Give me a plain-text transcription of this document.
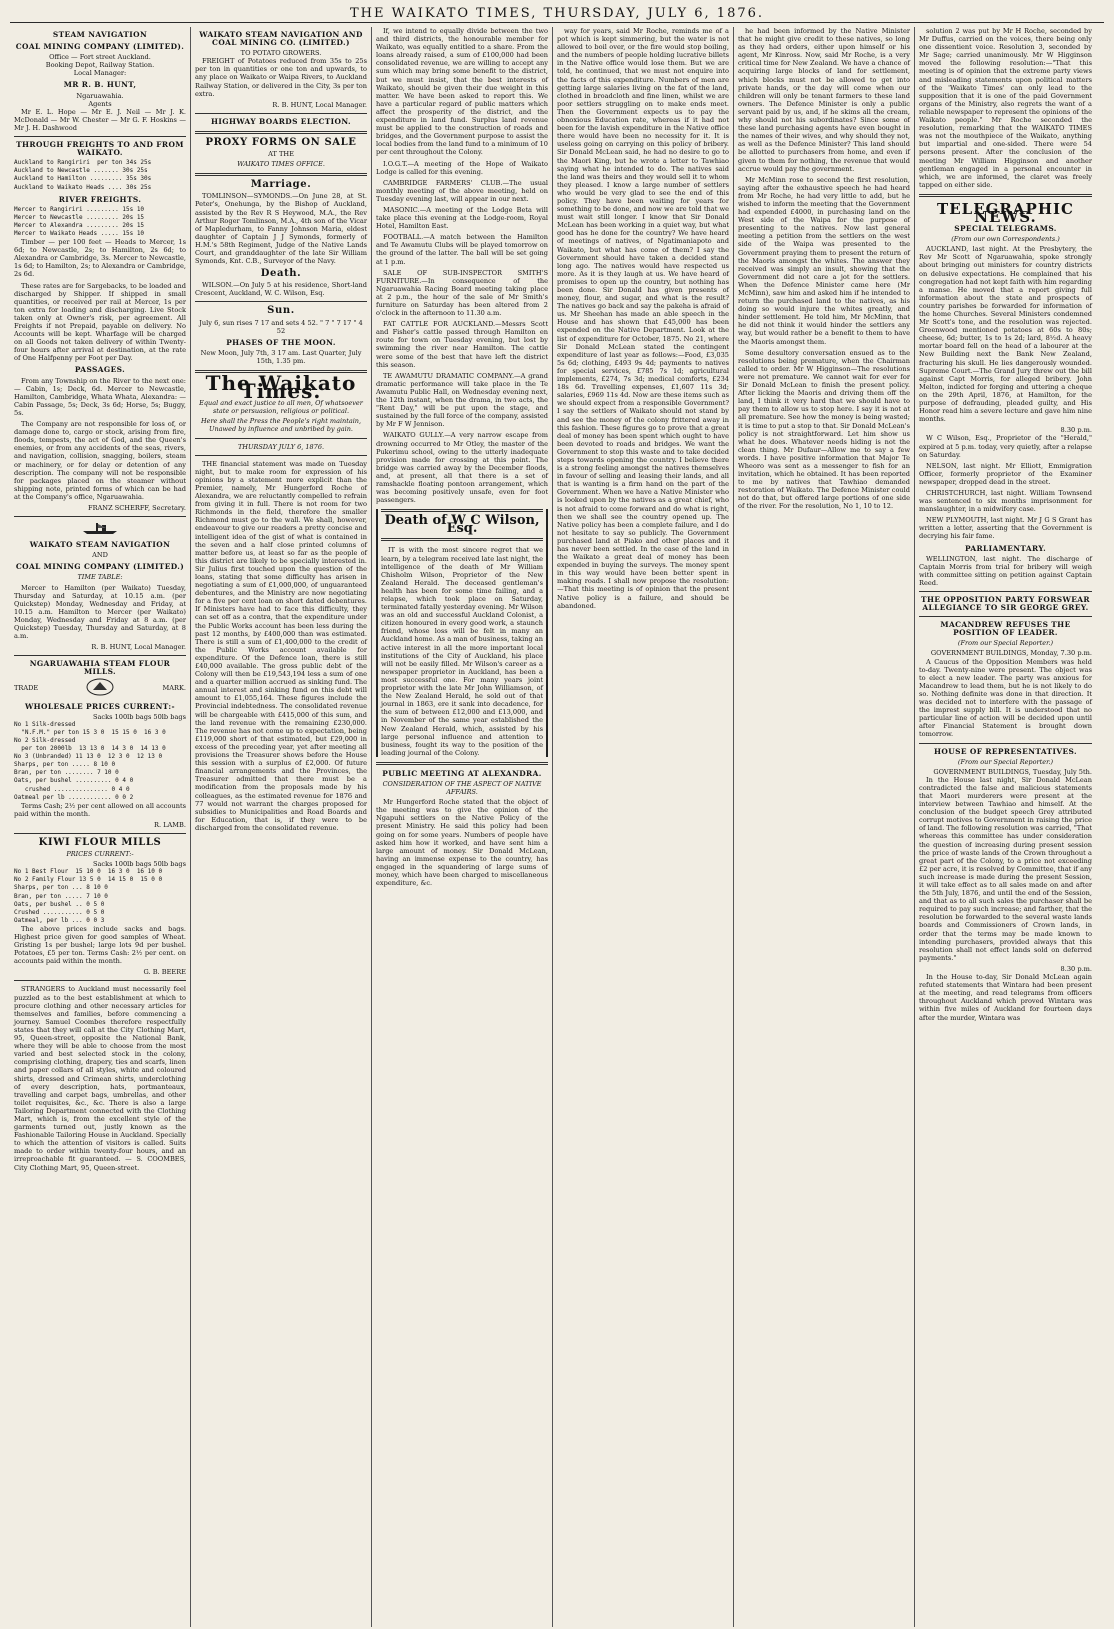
THE WAIKATO TIMES, THURSDAY, JULY 6, 1876.
STEAM NAVIGATION
COAL MINING COMPANY (LIMITED).
Office — Fort street Auckland.
Booking Depot, Railway Station.
Local Manager:
MR R. B. HUNT,
Ngaruawahia.
Agents
Mr E. L. Hope — Mr E. J. Neil — Mr J. K. McDonald — Mr W. Chester — Mr G. F. Hoskins — Mr J. H. Dashwood
THROUGH FREIGHTS TO AND FROM WAIKATO.
Auckland to Rangiriri  per ton 34s 25s
Auckland to Newcastle ....... 30s 25s
Auckland to Hamilton ......... 35s 30s
Auckland to Waikato Heads .... 30s 25s
RIVER FREIGHTS.
Mercer to Rangiriri ......... 15s 10
Mercer to Newcastle ......... 20s 15
Mercer to Alexandra ......... 20s 15
Mercer to Waikato Heads ..... 15s 10
Timber — per 100 feet — Heads to Mercer, 1s 6d; to Newcastle, 2s; to Hamilton, 2s 6d; to Alexandra or Cambridge, 3s. Mercer to Newcastle, 1s 6d; to Hamilton, 2s; to Alexandra or Cambridge, 2s 6d.
These rates are for Sargebacks, to be loaded and discharged by Shipper. If shipped in small quantities, or received per rail at Mercer, 1s per ton extra for loading and discharging. Live Stock taken only at Owner's risk, per agreement. All Freights if not Prepaid, payable on delivery. No Accounts will be kept. Wharfage will be charged on all Goods not taken delivery of within Twenty-four hours after arrival at destination, at the rate of One Halfpenny per Foot per Day.
PASSAGES.
From any Township on the River to the next one: — Cabin, 1s; Deck, 6d. Mercer to Newcastle, Hamilton, Cambridge, Whata Whata, Alexandra: — Cabin Passage, 5s; Deck, 3s 6d; Horse, 5s; Buggy, 5s.
The Company are not responsible for loss of, or damage done to, cargo or stock, arising from fire, floods, tempests, the act of God, and the Queen's enemies, or from any accidents of the seas, rivers, and navigation, collision, snagging, boilers, steam or machinery, or for delay or detention of any description. The company will not be responsible for packages placed on the steamer without shipping note, printed forms of which can be had at the Company's office, Ngaruawahia.
FRANZ SCHERFF, Secretary.
WAIKATO STEAM NAVIGATION
AND
COAL MINING COMPANY (LIMITED.)
TIME TABLE:
Mercer to Hamilton (per Waikato) Tuesday, Thursday and Saturday, at 10.15 a.m. (per Quickstep) Monday, Wednesday and Friday, at 10.15 a.m. Hamilton to Mercer (per Waikato) Monday, Wednesday and Friday at 8 a.m. (per Quickstep) Tuesday, Thursday and Saturday, at 8 a.m.
R. B. HUNT, Local Manager.
NGARUAWAHIA STEAM FLOUR MILLS.
TRADE	MARK.
WHOLESALE PRICES CURRENT:-
Sacks 100lb bags 50lb bags
No 1 Silk-dressed
"N.F.M." per ton 15 3 0  15 15 0  16 3 0
No 2 Silk-dressed
per ton 2000lb  13 13 0  14 3 0  14 13 0
No 3 (Unbranded) 11 13 0  12 3 0  12 13 0
Sharps, per ton ..... 8 10 0
Bran, per ton ........ 7 10 0
Oats, per bushel .......... 0 4 0
crushed ............... 0 4 0
Oatmeal per lb ............ 0 0 2
Terms Cash; 2½ per cent allowed on all accounts paid within the month.
R. LAMB.
KIWI FLOUR MILLS
PRICES CURRENT:-
Sacks 100lb bags 50lb bags
No 1 Best Flour  15 10 0  16 3 0  16 10 0
No 2 Family Flour 13 5 0  14 15 0  15 0 0
Sharps, per ton ... 8 10 0
Bran, per ton ..... 7 10 0
Oats, per bushel .. 0 5 0
Crushed ........... 0 5 0
Oatmeal, per lb ... 0 0 3
The above prices include sacks and bags. Highest price given for good samples of Wheat. Gristing 1s per bushel; large lots 9d per bushel. Potatoes, £5 per ton. Terms Cash: 2½ per cent. on accounts paid within the month.
G. B. BEERE
STRANGERS to Auckland must necessarily feel puzzled as to the best establishment at which to procure clothing and other necessary articles for themselves and families, before commencing a journey. Samuel Coombes therefore respectfully states that they will call at the City Clothing Mart, 95, Queen-street, opposite the National Bank, where they will be able to choose from the most varied and best selected stock in the colony, comprising clothing, drapery, ties and scarfs, linen and paper collars of all styles, white and coloured shirts, dressed and Crimean shirts, underclothing of every description, hats, portmanteaux, travelling and carpet bags, umbrellas, and other toilet requisites, &c., &c. There is also a large Tailoring Department connected with the Clothing Mart, which is, from the excellent style of the garments turned out, justly known as the Fashionable Tailoring House in Auckland. Specially to which the attention of visitors is called. Suits made to order within twenty-four hours, and an irreproachable fit guaranteed. — S. COOMBES, City Clothing Mart, 95, Queen-street.
WAIKATO STEAM NAVIGATION AND COAL MINING CO. (LIMITED.)
TO POTATO GROWERS.
FREIGHT of Potatoes reduced from 35s to 25s per ton in quantities or one ton and upwards, to any place on Waikato or Waipa Rivers, to Auckland Railway Station, or delivered in the City, 3s per ton extra.
R. B. HUNT, Local Manager.
HIGHWAY BOARDS ELECTION.
PROXY FORMS ON SALE
AT THE
WAIKATO TIMES OFFICE.
Marriage.
TOMLINSON—SYMONDS.—On June 28, at St. Peter's, Onehunga, by the Bishop of Auckland, assisted by the Rev R S Heywood, M.A., the Rev Arthur Roger Tomlinson, M.A., 4th son of the Vicar of Mapledurham, to Fanny Johnson Maria, eldest daughter of Captain J J Symonds, formerly of H.M.'s 58th Regiment, Judge of the Native Lands Court, and granddaughter of the late Sir William Symonds, Knt. C.B., Surveyor of the Navy.
Death.
WILSON.—On July 5 at his residence, Short-land Crescent, Auckland, W. C. Wilson, Esq.
Sun.
July 6, sun rises 7 17 and sets 4 52. " 7 " 7 17 " 4 52
PHASES OF THE MOON.
New Moon, July 7th, 3 17 am. Last Quarter, July 15th, 1.35 pm.
The Waikato Times.
Equal and exact justice to all men, Of whatsoever state or persuasion, religious or political.
Here shall the Press the People's right maintain, Unawed by influence and unbribed by gain.
THURSDAY JULY 6, 1876.
THE financial statement was made on Tuesday night, but to make room for expression of his opinions by a statement more explicit than the Premier, namely, Mr Hungerford Roche of Alexandra, we are reluctantly compelled to refrain from giving it in full. There is not room for two Richmonds in the field, therefore the smaller Richmond must go to the wall. We shall, however, endeavour to give our readers a pretty concise and intelligent idea of the gist of what is contained in the seven and a half close printed columns of matter before us, at least so far as the people of this district are likely to be specially interested in. Sir Julius first touched upon the question of the loans, stating that some difficulty has arisen in negotiating a sum of £1,000,000, of unguaranteed debentures, and the Ministry are now negotiating for a five per cent loan on short dated debentures. If Ministers have had to face this difficulty, they can set off as a contra, that the expenditure under the Public Works account has been less during the past 12 months, by £400,000 than was estimated. There is still a sum of £1,400,000 to the credit of the Public Works account available for expenditure. Of the Defence loan, there is still £40,000 available. The gross public debt of the Colony will then be £19,543,194 less a sum of one and a quarter million accrued as sinking fund. The annual interest and sinking fund on this debt will amount to £1,055,164. These figures include the Provincial indebtedness. The consolidated revenue will be chargeable with £415,000 of this sum, and the land revenue with the remaining £230,000. The revenue has not come up to expectation, being £119,000 short of that estimated, but £29,000 in excess of the preceding year, yet after meeting all provisions the Treasurer shows before the House this session with a surplus of £2,000. Of future financial arrangements and the Provinces, the Treasurer admitted that there must be a modification from the proposals made by his colleagues, as the estimated revenue for 1876 and 77 would not warrant the charges proposed for subsidies to Municipalities and Road Boards and for Education, that is, if they were to be discharged from the consolidated revenue.
If, we intend to equally divide between the two and third districts, the honourable member for Waikato, was equally entitled to a share. From the loans already raised, a sum of £100,000 had been consolidated revenue, we are willing to accept any sum which may bring some benefit to the district, but we must insist, that the best interests of Waikato, should be given their due weight in this matter. We have been asked to report this. We have a particular regard of public matters which affect the prosperity of the district, and the expenditure in land fund. Surplus land revenue must be applied to the construction of roads and bridges, and the Government purpose to assist the local bodies from the land fund to a minimum of 10 per cent throughout the Colony.
I.O.G.T.—A meeting of the Hope of Waikato Lodge is called for this evening.
CAMBRIDGE FARMERS' CLUB.—The usual monthly meeting of the above meeting, held on Tuesday evening last, will appear in our next.
MASONIC.—A meeting of the Lodge Beta will take place this evening at the Lodge-room, Royal Hotel, Hamilton East.
FOOTBALL.—A match between the Hamilton and Te Awamutu Clubs will be played tomorrow on the ground of the latter. The ball will be set going at 1 p.m.
SALE OF SUB-INSPECTOR SMITH'S FURNITURE.—In consequence of the Ngaruawahia Racing Board meeting taking place at 2 p.m., the hour of the sale of Mr Smith's furniture on Saturday has been altered from 2 o'clock in the afternoon to 11.30 a.m.
FAT CATTLE FOR AUCKLAND.—Messrs Scott and Fisher's cattle passed through Hamilton en route for town on Tuesday evening, but lost by swimming the river near Hamilton. The cattle were some of the best that have left the district this season.
TE AWAMUTU DRAMATIC COMPANY.—A grand dramatic performance will take place in the Te Awamutu Public Hall, on Wednesday evening next, the 12th instant, when the drama, in two acts, the "Rent Day," will be put upon the stage, and sustained by the full force of the company, assisted by Mr F W Jennison.
WAIKATO GULLY.—A very narrow escape from drowning occurred to Mr Otley, the master of the Pukerimu school, owing to the utterly inadequate provision made for crossing at this point. The bridge was carried away by the December floods, and, at present, all that there is a set of ramshackle floating pontoon arrangement, which was becoming positively unsafe, even for foot passengers.
Death of W C Wilson, Esq.
IT is with the most sincere regret that we learn, by a telegram received late last night, the intelligence of the death of Mr William Chisholm Wilson, Proprietor of the New Zealand Herald. The deceased gentleman's health has been for some time failing, and a relapse, which took place on Saturday, terminated fatally yesterday evening. Mr Wilson was an old and successful Auckland Colonist, a citizen honoured in every good work, a staunch friend, whose loss will be felt in many an Auckland home. As a man of business, taking an active interest in all the more important local institutions of the City of Auckland, his place will not be easily filled. Mr Wilson's career as a newspaper proprietor in Auckland, has been a most successful one. For many years joint proprietor with the late Mr John Williamson, of the New Zealand Herald, he sold out of that journal in 1863, ere it sank into decadence, for the sum of between £12,000 and £13,000, and in November of the same year established the New Zealand Herald, which, assisted by his large personal influence and attention to business, fought its way to the position of the leading journal of the Colony.
PUBLIC MEETING AT ALEXANDRA.
CONSIDERATION OF THE ASPECT OF NATIVE AFFAIRS.
Mr Hungerford Roche stated that the object of the meeting was to give the opinion of the Ngapuhi settlers on the Native Policy of the present Ministry. He said this policy had been going on for some years. Numbers of people have asked him how it worked, and have sent him a large amount of money. Sir Donald McLean, having an immense expense to the country, has engaged in the squandering of large sums of money, which have been charged to miscellaneous expenditure, &c.
way for years, said Mr Roche, reminds me of a pot which is kept simmering, but the water is not allowed to boil over, or the fire would stop boiling, and the numbers of people holding lucrative billets in the Native office would lose them. But we are told, he continued, that we must not enquire into the facts of this expenditure. Numbers of men are getting large salaries living on the fat of the land, clothed in broadcloth and fine linen, whilst we are poor settlers struggling on to make ends meet. Then the Government expects us to pay the obnoxious Education rate, whereas if it had not been for the lavish expenditure in the Native office there would have been no necessity for it. It is useless going on carrying on this policy of bribery. Sir Donald McLean said, he had no desire to go to the Maori King, but he wrote a letter to Tawhiao saying what he intended to do. The natives said the land was theirs and they would sell it to whom they pleased. I know a large number of settlers who would be very glad to see the end of this policy. They have been waiting for years for something to be done, and now we are told that we must wait still longer. I know that Sir Donald McLean has been working in a quiet way, but what good has he done for the country? We have heard of meetings of natives, of Ngatimaniapoto and Waikato, but what has come of them? I say the Government should have taken a decided stand long ago. The natives would have respected us more. As it is they laugh at us. We have heard of promises to open up the country, but nothing has been done. Sir Donald has given presents of money, flour, and sugar, and what is the result? The natives go back and say the pakeha is afraid of us. Mr Sheehan has made an able speech in the House and has shown that £45,000 has been expended on the Native Department. Look at the list of expenditure for October, 1875. No 21, where Sir Donald McLean stated the contingent expenditure of last year as follows:—Food, £3,035 5s 6d; clothing, £493 9s 4d; payments to natives for special services, £785 7s 1d; agricultural implements, £274, 7s 3d; medical comforts, £234 18s 6d. Travelling expenses, £1,607 11s 3d; salaries, £969 11s 4d. Now are these items such as we should expect from a responsible Government? I say the settlers of Waikato should not stand by and see the money of the colony frittered away in this fashion. These figures go to prove that a great deal of money has been spent which ought to have been devoted to roads and bridges. We want the Government to stop this waste and to take decided steps towards opening the country. I believe there is a strong feeling amongst the natives themselves in favour of selling and leasing their lands, and all that is wanting is a firm hand on the part of the Government. When we have a Native Minister who is looked upon by the natives as a great chief, who is not afraid to come forward and do what is right, then we shall see the country opened up. The Native policy has been a complete failure, and I do not hesitate to say so publicly. The Government purchased land at Piako and other places and it has never been settled. In the case of the land in the Waikato a great deal of money has been expended in buying the surveys. The money spent in this way would have been better spent in making roads. I shall now propose the resolution:—That this meeting is of opinion that the present Native policy is a failure, and should be abandoned.
he had been informed by the Native Minister that he might give credit to these natives, so long as they had orders, either upon himself or his agent, Mr Kinross. Now, said Mr Roche, is a very critical time for New Zealand. We have a chance of acquiring large blocks of land for settlement, which blocks must not be allowed to get into private hands, or the day will come when our children will only be tenant farmers to these land owners. The Defence Minister is only a public servant paid by us, and, if he skims all the cream, why should not his subordinates? Since some of these land purchasing agents have even bought in the names of their wives, and why should they not, as well as the Defence Minister? This land should be allotted to purchasers from home, and even if given to them for nothing, the revenue that would accrue would pay the government.
Mr McMinn rose to second the first resolution, saying after the exhaustive speech he had heard from Mr Roche, he had very little to add, but he wished to inform the meeting that the Government had expended £4000, in purchasing land on the West side of the Waipa for the purpose of presenting to the natives. Now last general meeting a petition from the settlers on the west side of the Waipa was presented to the Government praying them to present the return of the Maoris amongst the whites. The answer they received was simply an insult, showing that the Government did not care a jot for the settlers. When the Defence Minister came here (Mr McMinn), saw him and asked him if he intended to return the purchased land to the natives, as his doing so would injure the whites greatly, and hinder settlement. He told him, Mr McMinn, that he did not think it would hinder the settlers any way, but would rather be a benefit to them to have the Maoris amongst them.
Some desultory conversation ensued as to the resolutions being premature, when the Chairman called to order. Mr W Higginson—The resolutions were not premature. We cannot wait for ever for Sir Donald McLean to finish the present policy. After licking the Maoris and driving them off the land, I think it very hard that we should have to pay them to allow us to stop here. I say it is not at all premature. See how the money is being wasted; it is time to put a stop to that. Sir Donald McLean's policy is not straightforward. Let him show us what he does. Whatever needs hiding is not the clean thing. Mr Dufaur—Allow me to say a few words. I have positive information that Major Te Wheoro was sent as a messenger to fish for an invitation, which he obtained. It has been reported to me by natives that Tawhiao demanded restoration of Waikato. The Defence Minister could not do that, but offered large portions of one side of the river. For the resolution, No 1, 10 to 12.
solution 2 was put by Mr H Roche, seconded by Mr Duffus, carried on the voices, there being only one dissentient voice. Resolution 3, seconded by Mr Sage; carried unanimously. Mr W Higginson moved the following resolution:—"That this meeting is of opinion that the extreme party views and misleading statements upon political matters of the 'Waikato Times' can only lead to the supposition that it is one of the paid Government organs of the Ministry, also regrets the want of a reliable newspaper to represent the opinions of the Waikato people." Mr Roche seconded the resolution, remarking that the WAIKATO TIMES was not the mouthpiece of the Waikato, anything but impartial and one-sided. There were 54 persons present. After the conclusion of the meeting Mr William Higginson and another gentleman engaged in a personal encounter in which, we are informed, the claret was freely tapped on either side.
TELEGRAPHIC NEWS.
SPECIAL TELEGRAMS.
(From our own Correspondents.)
AUCKLAND, last night. At the Presbytery, the Rev Mr Scott of Ngaruawahia, spoke strongly about bringing out ministers for country districts on delusive expectations. He complained that his congregation had not kept faith with him regarding a manse. He moved that a report giving full information about the state and prospects of country parishes be forwarded for information of the home Churches. Several Ministers condemned Mr Scott's tone, and the resolution was rejected. Greenwood mentioned potatoes at 60s to 80s; cheese, 6d; butter, 1s to 1s 2d; lard, 8½d. A heavy mortar board fell on the head of a labourer at the New Building next the Bank New Zealand, fracturing his skull. He lies dangerously wounded. Supreme Court.—The Grand Jury threw out the bill against Capt Morris, for alleged bribery. John Melton, indicted for forging and uttering a cheque on the 29th April, 1876, at Hamilton, for the purpose of defrauding, pleaded guilty, and His Honor read him a severe lecture and gave him nine months.
8.30 p.m.
W C Wilson, Esq., Proprietor of the "Herald," expired at 5 p.m. today, very quietly, after a relapse on Saturday.
NELSON, last night. Mr Elliott, Emmigration Officer, formerly proprietor of the Examiner newspaper, dropped dead in the street.
CHRISTCHURCH, last night. William Townsend was sentenced to six months imprisonment for manslaughter, in a midwifery case.
NEW PLYMOUTH, last night. Mr J G S Grant has written a letter, asserting that the Government is decrying his fair fame.
PARLIAMENTARY.
WELLINGTON, last night. The discharge of Captain Morris from trial for bribery will weigh with committee sitting on petition against Captain Reed.
THE OPPOSITION PARTY FORSWEAR ALLEGIANCE TO SIR GEORGE GREY.
MACANDREW REFUSES THE POSITION OF LEADER.
(From our Special Reporter.)
GOVERNMENT BUILDINGS, Monday, 7.30 p.m.
A Caucus of the Opposition Members was held to-day. Twenty-nine were present. The object was to elect a new leader. The party was anxious for Macandrew to lead them, but he is not likely to do so. Nothing definite was done in that direction. It was decided not to interfere with the passage of the imprest supply bill. It is understood that no particular line of action will be decided upon until after Financial Statement is brought down tomorrow.
HOUSE OF REPRESENTATIVES.
(From our Special Reporter.)
GOVERNMENT BUILDINGS, Tuesday, July 5th.
In the House last night, Sir Donald McLean contradicted the false and malicious statements that Maori murderers were present at the interview between Tawhiao and himself. At the conclusion of the budget speech Grey attributed corrupt motives to Government in raising the price of land. The following resolution was carried, "That whereas this committee has under consideration the question of increasing during present session the price of waste lands of the Crown throughout a great part of the Colony, to a price not exceeding £2 per acre, it is resolved by Committee, that if any such increase is made during the present Session, it will take effect as to all sales made on and after the 5th July, 1876, and until the end of the Session, and that as to all such sales the purchaser shall be required to pay such increase; and farther, that the resolution be forwarded to the several waste lands boards and Commissioners of Crown lands, in order that the terms may be made known to intending purchasers, provided always that this resolution shall not effect lands sold on deferred payments."
8.30 p.m.
In the House to-day, Sir Donald McLean again refuted statements that Wintara had been present at the meeting, and read telegrams from officers throughout Auckland which proved Wintara was within five miles of Auckland for fourteen days after the murder, Wintara was
